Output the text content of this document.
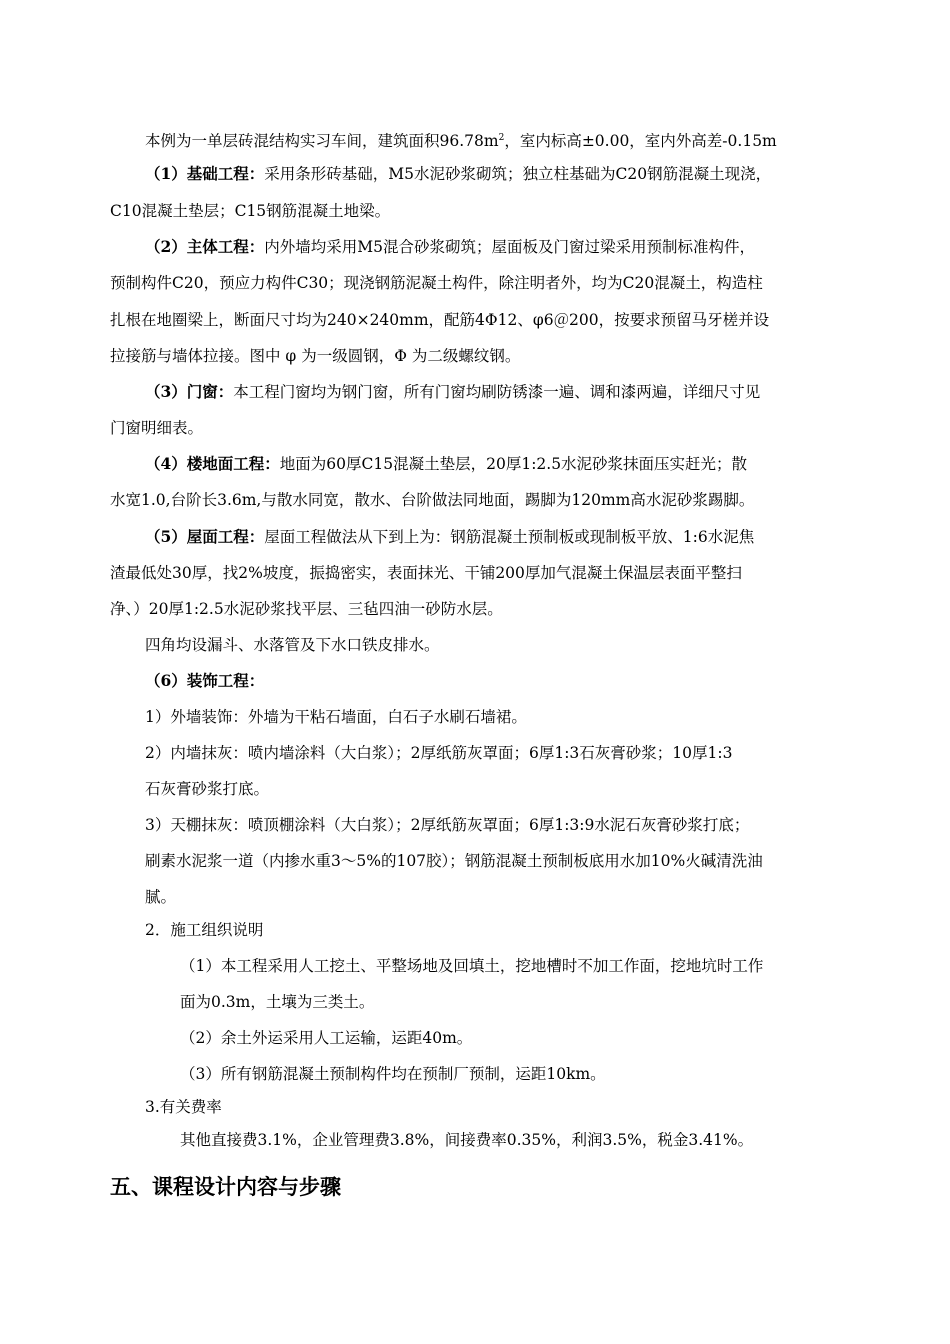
本例为一单层砖混结构实习车间，建筑面积$96.78m^2$，室内标高±0.00，室内外高差-0.15m
（1）基础工程：采用条形砖基础，M5水泥砂浆砌筑；独立柱基础为C20钢筋混凝土现浇，
C10混凝土垫层；C15钢筋混凝土地梁。
（2）主体工程：内外墙均采用M5混合砂浆砌筑；屋面板及门窗过梁采用预制标准构件，
预制构件C20，预应力构件C30；现浇钢筋泥凝土构件，除注明者外，均为C20混凝土，构造柱
扎根在地圈梁上，断面尺寸均为240×240mm，配筋4Φ12、φ6＠200，按要求预留马牙槎并设
拉接筋与墙体拉接。图中 φ 为一级圆钢，Φ 为二级螺纹钢。
（3）门窗：本工程门窗均为钢门窗，所有门窗均刷防锈漆一遍、调和漆两遍，详细尺寸见
门窗明细表。
（4）楼地面工程：地面为60厚C15混凝土垫层，20厚1:2.5水泥砂浆抹面压实赶光；散
水宽1.0,台阶长3.6m,与散水同宽，散水、台阶做法同地面，踢脚为120mm高水泥砂浆踢脚。
（5）屋面工程：屋面工程做法从下到上为：钢筋混凝土预制板或现制板平放、1:6水泥焦
渣最低处30厚，找2%坡度，振捣密实，表面抹光、干铺200厚加气混凝土保温层表面平整扫
净、）20厚1:2.5水泥砂浆找平层、三毡四油一砂防水层。
四角均设漏斗、水落管及下水口铁皮排水。
（6）装饰工程：
1）外墙装饰：外墙为干粘石墙面，白石子水刷石墙裙。
2）内墙抹灰：喷内墙涂料（大白浆）；2厚纸筋灰罩面；6厚1:3石灰膏砂浆；10厚1:3
石灰膏砂浆打底。
3）天棚抹灰：喷顶棚涂料（大白浆）；2厚纸筋灰罩面；6厚1:3:9水泥石灰膏砂浆打底；
刷素水泥浆一道（内掺水重3～5%的107胶）；钢筋混凝土预制板底用水加10%火碱清洗油
腻。
2．施工组织说明
（1）本工程采用人工挖土、平整场地及回填土，挖地槽时不加工作面，挖地坑时工作
面为0.3m，土壤为三类土。
（2）余土外运采用人工运输，运距40m。
（3）所有钢筋混凝土预制构件均在预制厂预制，运距10km。
3.有关费率
其他直接费3.1%，企业管理费3.8%，间接费率0.35%，利润3.5%，税金3.41%。
五、课程设计内容与步骤
